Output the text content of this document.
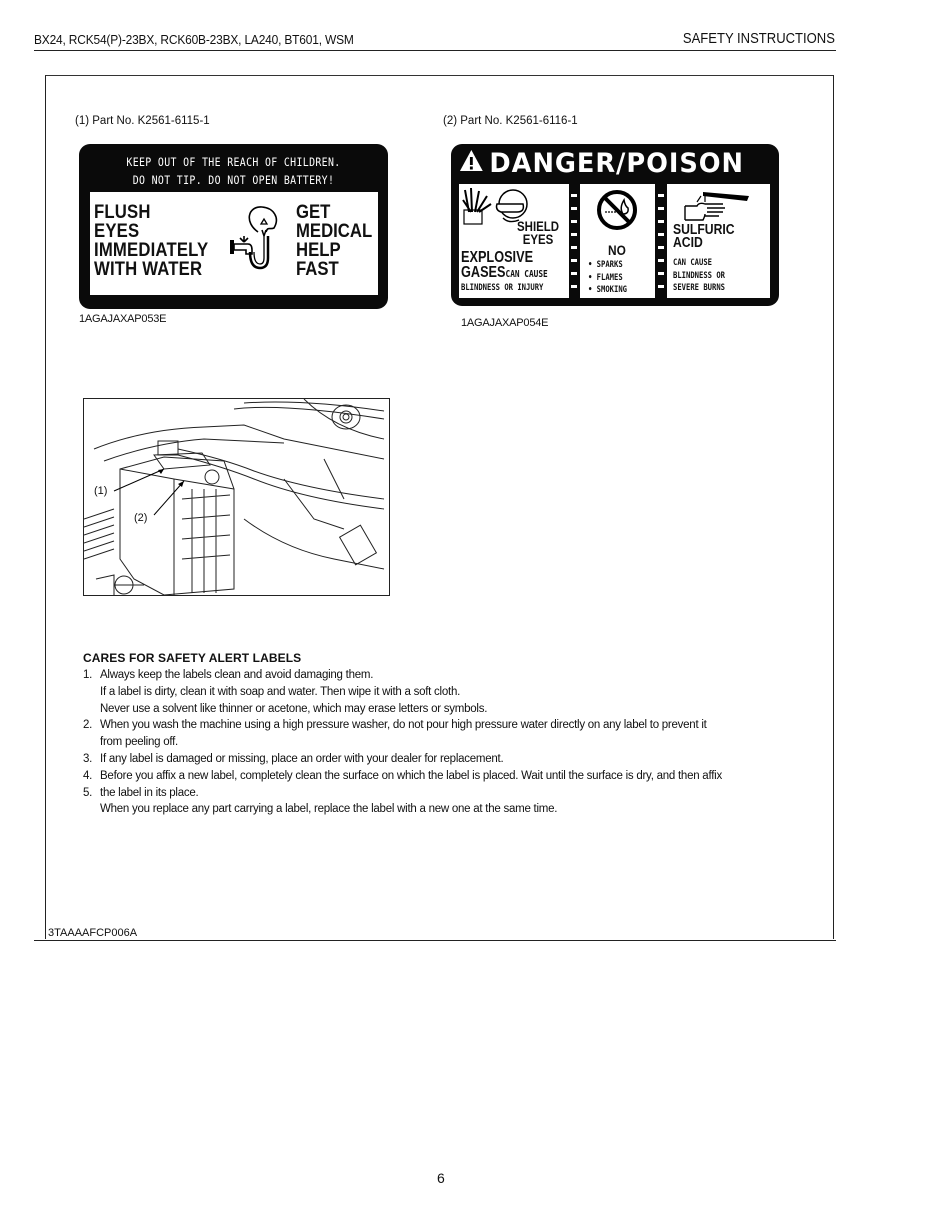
BX24, RCK54(P)-23BX, RCK60B-23BX, LA240, BT601, WSM	SAFETY INSTRUCTIONS
(1) Part No. K2561-6115-1
KEEP OUT OF THE REACH OF CHILDREN.
DO NOT TIP. DO NOT OPEN BATTERY!
FLUSH
EYES
IMMEDIATELY
WITH WATER
GET
MEDICAL
HELP
FAST
1AGAJAXAP053E
(2) Part No. K2561-6116-1
DANGER/POISON
SHIELD
EYES
EXPLOSIVE
GASESCAN CAUSE
BLINDNESS OR INJURY
NO
• SPARKS
• FLAMES
• SMOKING
SULFURIC
ACID
CAN CAUSE
BLINDNESS OR
SEVERE BURNS
1AGAJAXAP054E
(1)
(2)
CARES FOR SAFETY ALERT LABELS
1. Always keep the labels clean and avoid damaging them.
If a label is dirty, clean it with soap and water. Then wipe it with a soft cloth.
Never use a solvent like thinner or acetone, which may erase letters or symbols.
2. When you wash the machine using a high pressure washer, do not pour high pressure water directly on any label to prevent it
from peeling off.
3. If any label is damaged or missing, place an order with your dealer for replacement.
4. Before you affix a new label, completely clean the surface on which the label is placed. Wait until the surface is dry, and then affix
5. the label in its place.
When you replace any part carrying a label, replace the label with a new one at the same time.
3TAAAAFCP006A
6
